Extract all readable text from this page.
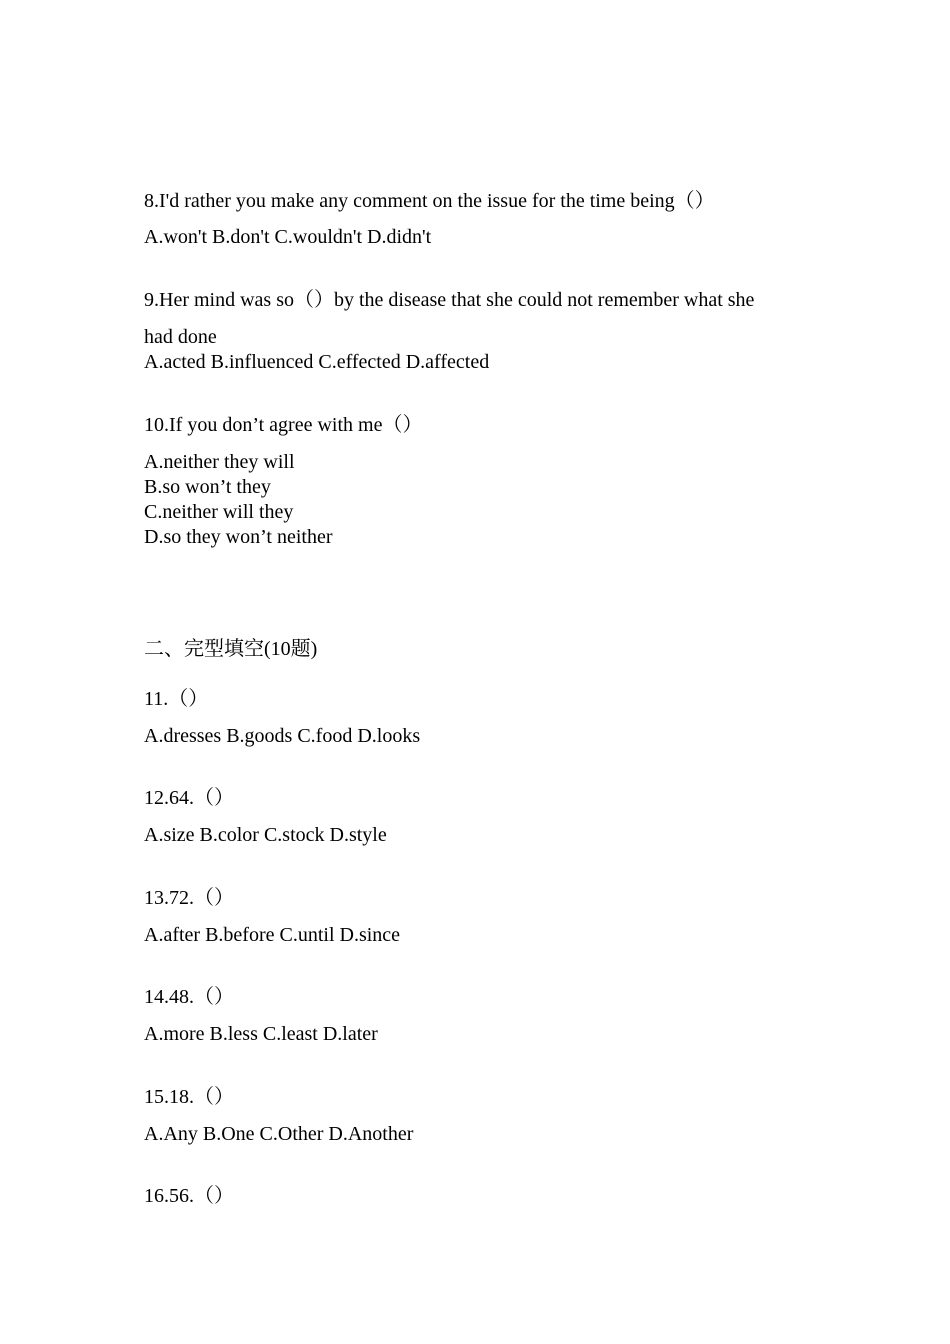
8.I'd rather you make any comment on the issue for the time being（）
A.won't B.don't C.wouldn't D.didn't
9.Her mind was so（）by the disease that she could not remember what she
had done
A.acted B.influenced C.effected D.affected
10.If you don’t agree with me（）
A.neither they will
B.so won’t they
C.neither will they
D.so they won’t neither
二、完型填空(10题)
11.（）
A.dresses B.goods C.food D.looks
12.64.（）
A.size B.color C.stock D.style
13.72.（）
A.after B.before C.until D.since
14.48.（）
A.more B.less C.least D.later
15.18.（）
A.Any B.One C.Other D.Another
16.56.（）
